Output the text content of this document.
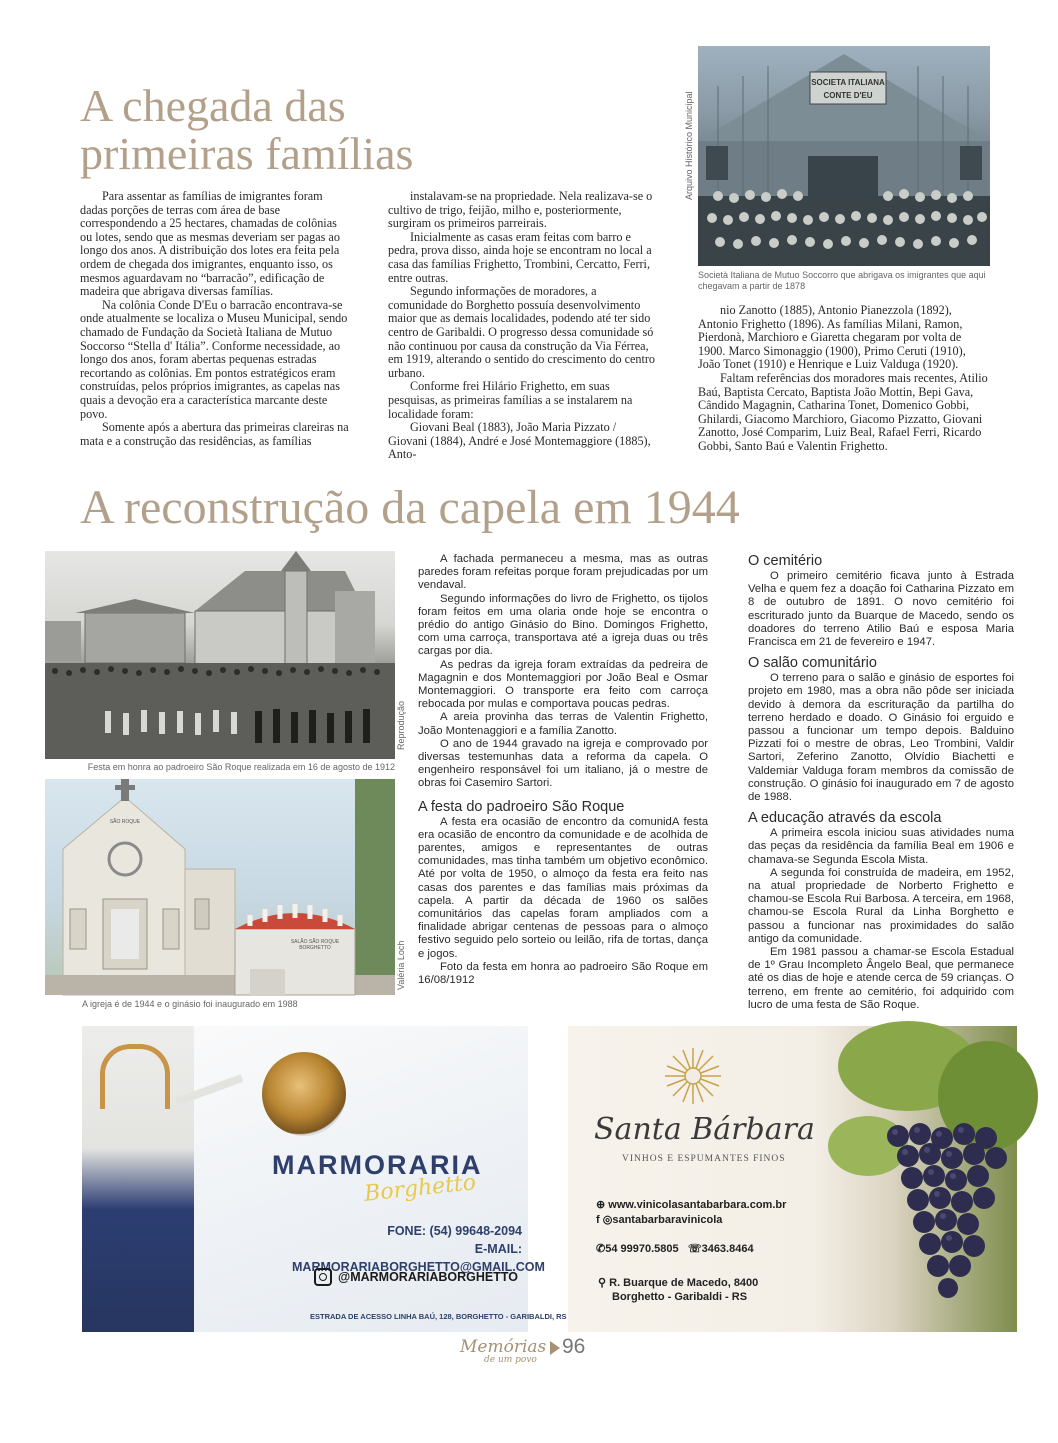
A chegada das
primeiras famílias

Para assentar as famílias de imigrantes foram dadas porções de terras com área de base correspondendo a 25 hectares, chamadas de colônias ou lotes, sendo que as mesmas deveriam ser pagas ao longo dos anos. A distribuição dos lotes era feita pela ordem de chegada dos imigrantes, enquanto isso, os mesmos aguardavam no “barracão”, edificação de madeira que abrigava diversas famílias.

Na colônia Conde D'Eu o barracão encontrava-se onde atualmente se localiza o Museu Municipal, sendo chamado de Fundação da Società Italiana de Mutuo Soccorso “Stella d' Itália”. Conforme necessidade, ao longo dos anos, foram abertas pequenas estradas recortando as colônias. Em pontos estratégicos eram construídas, pelos próprios imigrantes, as capelas nas quais a devoção era a característica marcante deste povo.

Somente após a abertura das primeiras clareiras na mata e a construção das residências, as famílias

instalavam-se na propriedade. Nela realizava-se o cultivo de trigo, feijão, milho e, posteriormente, surgiram os primeiros parreirais.

Inicialmente as casas eram feitas com barro e pedra, prova disso, ainda hoje se encontram no local a casa das famílias Frighetto, Trombini, Cercatto, Ferri, entre outras.

Segundo informações de moradores, a comunidade do Borghetto possuía desenvolvimento maior que as demais localidades, podendo até ter sido centro de Garibaldi. O progresso dessa comunidade só não continuou por causa da construção da Via Férrea, em 1919, alterando o sentido do crescimento do centro urbano.

Conforme frei Hilário Frighetto, em suas pesquisas, as primeiras famílias a se instalarem na localidade foram:

Giovani Beal (1883), João Maria Pizzato / Giovani (1884), André e José Montemaggiore (1885), Anto-

SOCIETA ITALIANA
CONTE D'EU
Arquivo Histórico Municipal
Società Italiana de Mutuo Soccorro que abrigava os imigrantes que aqui chegavam a partir de 1878

nio Zanotto (1885), Antonio Pianezzola (1892), Antonio Frighetto (1896). As famílias Milani, Ramon, Pierdonà, Marchioro e Giaretta chegaram por volta de 1900. Marco Simonaggio (1900), Primo Ceruti (1910), João Tonet (1910) e Henrique e Luiz Valduga (1920).

Faltam referências dos moradores mais recentes, Atilio Baú, Baptista Cercato, Baptista João Mottin, Bepi Gava, Cândido Magagnin, Catharina Tonet, Domenico Gobbi, Ghilardi, Giacomo Marchioro, Giacomo Pizzatto, Giovani Zanotto, José Comparim, Luiz Beal, Rafael Ferri, Ricardo Gobbi, Santo Baú e Valentin Frighetto.

A reconstrução da capela em 1944
Reprodução
Festa em honra ao padroeiro São Roque realizada em 16 de agosto de 1912
SÃO ROQUE
SALÃO SÃO ROQUE BORGHETTO	Valéria Loch
A igreja é de 1944 e o ginásio foi inaugurado em 1988

A fachada permaneceu a mesma, mas as outras paredes foram refeitas porque foram prejudicadas por um vendaval.

Segundo informações do livro de Frighetto, os tijolos foram feitos em uma olaria onde hoje se encontra o prédio do antigo Ginásio do Bino. Domingos Frighetto, com uma carroça, transportava até a igreja duas ou três cargas por dia.

As pedras da igreja foram extraídas da pedreira de Magagnin e dos Montemaggiori por João Beal e Osmar Montemaggiori. O transporte era feito com carroça rebocada por mulas e comportava poucas pedras.

A areia provinha das terras de Valentin Frighetto, João Montenaggiori e a família Zanotto.

O ano de 1944 gravado na igreja e comprovado por diversas testemunhas data a reforma da capela. O engenheiro responsável foi um italiano, já o mestre de obras foi Casemiro Sartori.

A festa do padroeiro São Roque

A festa era ocasião de encontro da comunidA festa era ocasião de encontro da comunidade e de acolhida de parentes, amigos e representantes de outras comunidades, mas tinha também um objetivo econômico. Até por volta de 1950, o almoço da festa era feito nas casas dos parentes e das famílias mais próximas da capela. A partir da década de 1960 os salões comunitários das capelas foram ampliados com a finalidade abrigar centenas de pessoas para o almoço festivo seguido pelo sorteio ou leilão, rifa de tortas, dança e jogos.

Foto da festa em honra ao padroeiro São Roque em 16/08/1912

O cemitério

O primeiro cemitério ficava junto à Estrada Velha e quem fez a doação foi Catharina Pizzato em 8 de outubro de 1891. O novo cemitério foi escriturado junto da Buarque de Macedo, sendo os doadores do terreno Atilio Baú e esposa Maria Francisca em 21 de fevereiro e 1947.

O salão comunitário

O terreno para o salão e ginásio de esportes foi projeto em 1980, mas a obra não pôde ser iniciada devido à demora da escrituração da partilha do terreno herdado e doado. O Ginásio foi erguido e passou a funcionar um tempo depois. Balduino Pizzati foi o mestre de obras, Leo Trombini, Valdir Sartori, Zeferino Zanotto, Olvídio Biachetti e Valdemiar Valduga foram membros da comissão de construção. O ginásio foi inaugurado em 7 de agosto de 1988.

A educação através da escola

A primeira escola iniciou suas atividades numa das peças da residência da família Beal em 1906 e chamava-se Segunda Escola Mista.

A segunda foi construída de madeira, em 1952, na atual propriedade de Norberto Frighetto e chamou-se Escola Rui Barbosa. A terceira, em 1968, chamou-se Escola Rural da Linha Borghetto e passou a funcionar nas proximidades do salão antigo da comunidade.

Em 1981 passou a chamar-se Escola Estadual de 1º Grau Incompleto Ângelo Beal, que permanece até os dias de hoje e atende cerca de 59 crianças. O terreno, em frente ao cemitério, foi adquirido com lucro de uma festa de São Roque.

MARMORARIA
Borghetto
FONE: (54) 99648-2094
E-MAIL: MARMORARIABORGHETTO@GMAIL.COM
@MARMORARIABORGHETTO
ESTRADA DE ACESSO LINHA BAÚ, 128, BORGHETTO - GARIBALDI, RS
Santa Bárbara
VINHOS E ESPUMANTES FINOS
⊕ www.vinicolasantabarbara.com.br
f ◎santabarbaravinicola
✆54 99970.5805 ☏3463.8464
⚲ R. Buarque de Macedo, 8400
Borghetto - Garibaldi - RS
Memórias
de um povo
96
